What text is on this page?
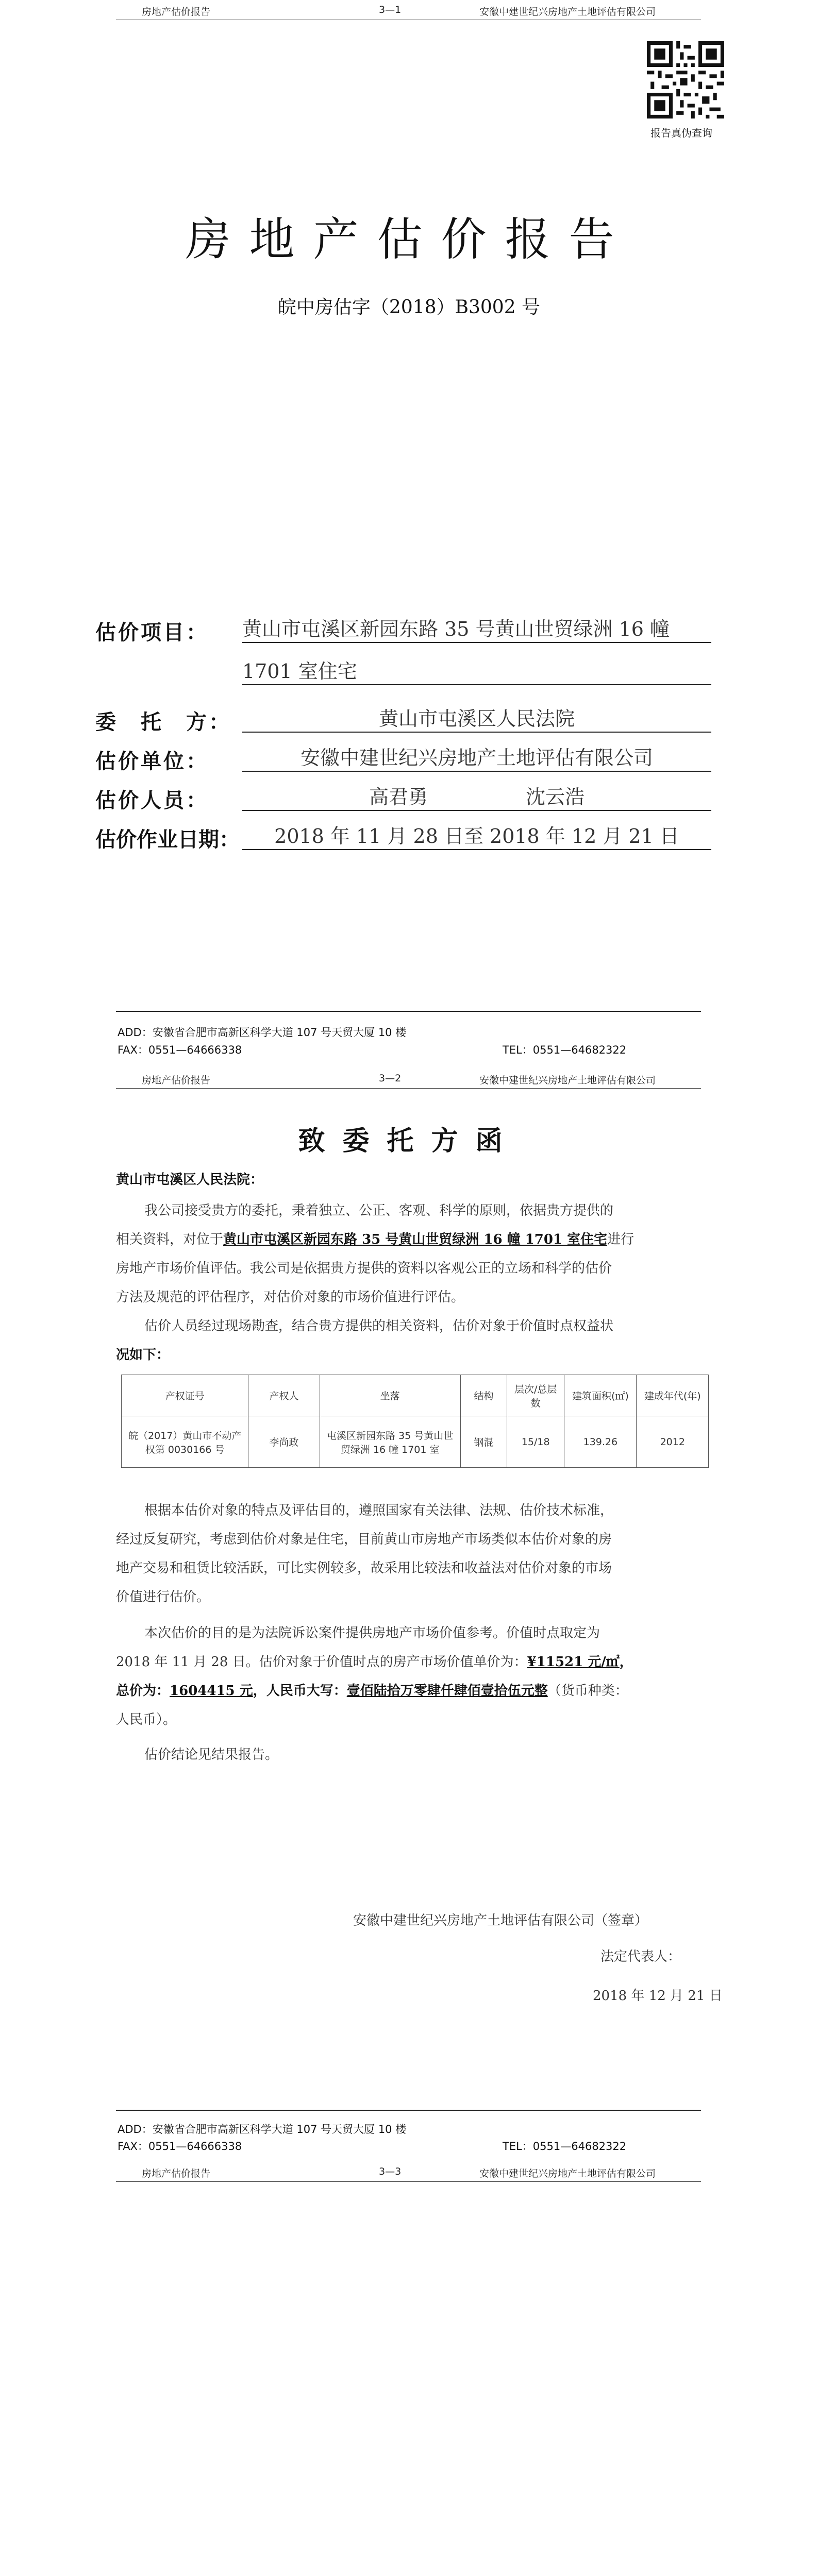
房地产估价报告	3—1	安徽中建世纪兴房地产土地评估有限公司
报告真伪查询
房地产估价报告
皖中房估字（2018）B3002 号
估价项目： 黄山市屯溪区新园东路 35 号黄山世贸绿洲 16 幢
1701 室住宅
委　托　方：	黄山市屯溪区人民法院
估价单位：	安徽中建世纪兴房地产土地评估有限公司
估价人员：	高君勇　　　　　沈云浩
估价作业日期：	2018 年 11 月 28 日至 2018 年 12 月 21 日
ADD：安徽省合肥市高新区科学大道 107 号天贸大厦 10 楼
FAX：0551—64666338	TEL：0551—64682322
房地产估价报告	3—2	安徽中建世纪兴房地产土地评估有限公司
致委托方函
黄山市屯溪区人民法院：
我公司接受贵方的委托，秉着独立、公正、客观、科学的原则，依据贵方提供的
相关资料，对位于黄山市屯溪区新园东路 35 号黄山世贸绿洲 16 幢 1701 室住宅进行
房地产市场价值评估。我公司是依据贵方提供的资料以客观公正的立场和科学的估价
方法及规范的评估程序，对估价对象的市场价值进行评估。
估价人员经过现场勘查，结合贵方提供的相关资料，估价对象于价值时点权益状
况如下：
产权证号	产权人	坐落	结构	层次/总层数	建筑面积(㎡)	建成年代(年)
皖（2017）黄山市不动产权第 0030166 号	李尚政	屯溪区新园东路 35 号黄山世贸绿洲 16 幢 1701 室	钢混	15/18	139.26	2012
根据本估价对象的特点及评估目的，遵照国家有关法律、法规、估价技术标准，
经过反复研究，考虑到估价对象是住宅，目前黄山市房地产市场类似本估价对象的房
地产交易和租赁比较活跃，可比实例较多，故采用比较法和收益法对估价对象的市场
价值进行估价。
本次估价的目的是为法院诉讼案件提供房地产市场价值参考。价值时点取定为
2018 年 11 月 28 日。估价对象于价值时点的房产市场价值单价为：¥11521 元/㎡，
总价为：1604415 元，人民币大写：壹佰陆拾万零肆仟肆佰壹拾伍元整（货币种类：
人民币）。
估价结论见结果报告。
安徽中建世纪兴房地产土地评估有限公司（签章）
法定代表人：
2018 年 12 月 21 日
ADD：安徽省合肥市高新区科学大道 107 号天贸大厦 10 楼
FAX：0551—64666338	TEL：0551—64682322
房地产估价报告	3—3	安徽中建世纪兴房地产土地评估有限公司
